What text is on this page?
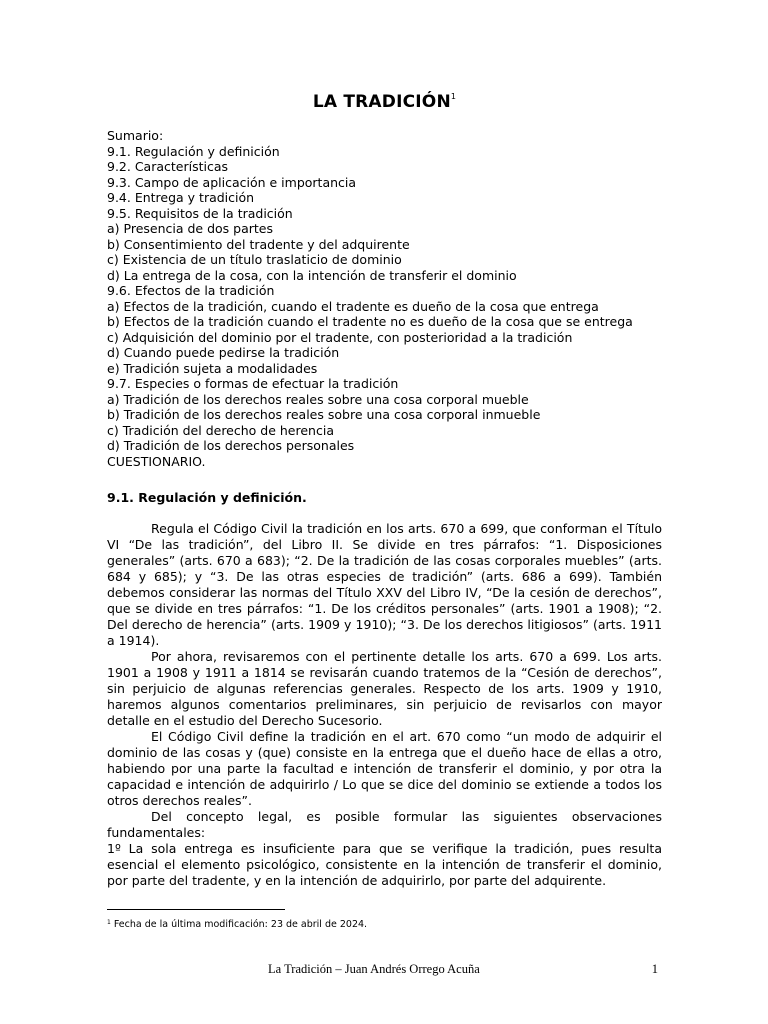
LA TRADICIÓN$^1$
Sumario:
9.1. Regulación y definición
9.2. Características
9.3. Campo de aplicación e importancia
9.4. Entrega y tradición
9.5. Requisitos de la tradición
a) Presencia de dos partes
b) Consentimiento del tradente y del adquirente
c) Existencia de un título traslaticio de dominio
d) La entrega de la cosa, con la intención de transferir el dominio
9.6. Efectos de la tradición
a) Efectos de la tradición, cuando el tradente es dueño de la cosa que entrega
b) Efectos de la tradición cuando el tradente no es dueño de la cosa que se entrega
c) Adquisición del dominio por el tradente, con posterioridad a la tradición
d) Cuando puede pedirse la tradición
e) Tradición sujeta a modalidades
9.7. Especies o formas de efectuar la tradición
a) Tradición de los derechos reales sobre una cosa corporal mueble
b) Tradición de los derechos reales sobre una cosa corporal inmueble
c) Tradición del derecho de herencia
d) Tradición de los derechos personales
CUESTIONARIO.
9.1. Regulación y definición.

Regula el Código Civil la tradición en los arts. 670 a 699, que conforman el Título VI “De las tradición”, del Libro II. Se divide en tres párrafos: “1. Disposiciones generales” (arts. 670 a 683); “2. De la tradición de las cosas corporales muebles” (arts. 684 y 685); y “3. De las otras especies de tradición” (arts. 686 a 699). También debemos considerar las normas del Título XXV del Libro IV, “De la cesión de derechos”, que se divide en tres párrafos: “1. De los créditos personales” (arts. 1901 a 1908); “2. Del derecho de herencia” (arts. 1909 y 1910); “3. De los derechos litigiosos” (arts. 1911 a 1914).

Por ahora, revisaremos con el pertinente detalle los arts. 670 a 699. Los arts. 1901 a 1908 y 1911 a 1814 se revisarán cuando tratemos de la “Cesión de derechos”, sin perjuicio de algunas referencias generales. Respecto de los arts. 1909 y 1910, haremos algunos comentarios preliminares, sin perjuicio de revisarlos con mayor detalle en el estudio del Derecho Sucesorio.

El Código Civil define la tradición en el art. 670 como “un modo de adquirir el dominio de las cosas y (que) consiste en la entrega que el dueño hace de ellas a otro, habiendo por una parte la facultad e intención de transferir el dominio, y por otra la capacidad e intención de adquirirlo / Lo que se dice del dominio se extiende a todos los otros derechos reales”.

Del concepto legal, es posible formular las siguientes observaciones fundamentales:

1º La sola entrega es insuficiente para que se verifique la tradición, pues resulta esencial el elemento psicológico, consistente en la intención de transferir el dominio, por parte del tradente, y en la intención de adquirirlo, por parte del adquirente.

$^1$ Fecha de la última modificación: 23 de abril de 2024.
La Tradición – Juan Andrés Orrego Acuña	1
